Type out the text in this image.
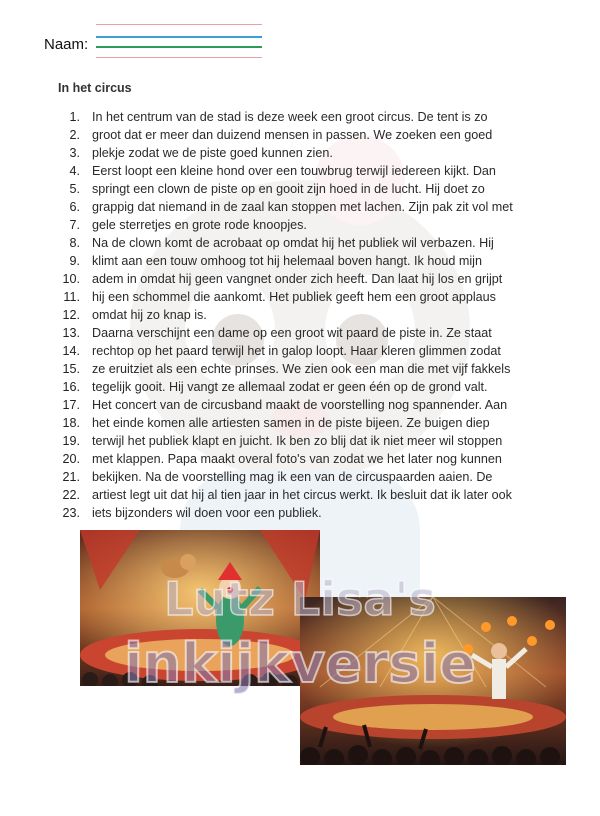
Naam:
In het circus
1. In het centrum van de stad is deze week een groot circus. De tent is zo
2. groot dat er meer dan duizend mensen in passen. We zoeken een goed
3. plekje zodat we de piste goed kunnen zien.
4. Eerst loopt een kleine hond over een touwbrug terwijl iedereen kijkt. Dan
5. springt een clown de piste op en gooit zijn hoed in de lucht. Hij doet zo
6. grappig dat niemand in de zaal kan stoppen met lachen. Zijn pak zit vol met
7. gele sterretjes en grote rode knoopjes.
8. Na de clown komt de acrobaat op omdat hij het publiek wil verbazen. Hij
9. klimt aan een touw omhoog tot hij helemaal boven hangt. Ik houd mijn
10. adem in omdat hij geen vangnet onder zich heeft. Dan laat hij los en grijpt
11. hij een schommel die aankomt. Het publiek geeft hem een groot applaus
12. omdat hij zo knap is.
13. Daarna verschijnt een dame op een groot wit paard de piste in. Ze staat
14. rechtop op het paard terwijl het in galop loopt. Haar kleren glimmen zodat
15. ze eruitziet als een echte prinses. We zien ook een man die met vijf fakkels
16. tegelijk gooit. Hij vangt ze allemaal zodat er geen één op de grond valt.
17. Het concert van de circusband maakt de voorstelling nog spannender. Aan
18. het einde komen alle artiesten samen in de piste bijeen. Ze buigen diep
19. terwijl het publiek klapt en juicht. Ik ben zo blij dat ik niet meer wil stoppen
20. met klappen. Papa maakt overal foto's van zodat we het later nog kunnen
21. bekijken. Na de voorstelling mag ik een van de circuspaarden aaien. De
22. artiest legt uit dat hij al tien jaar in het circus werkt. Ik besluit dat ik later ook
23. iets bijzonders wil doen voor een publiek.
Lutz Lisa's
inkijkversie
